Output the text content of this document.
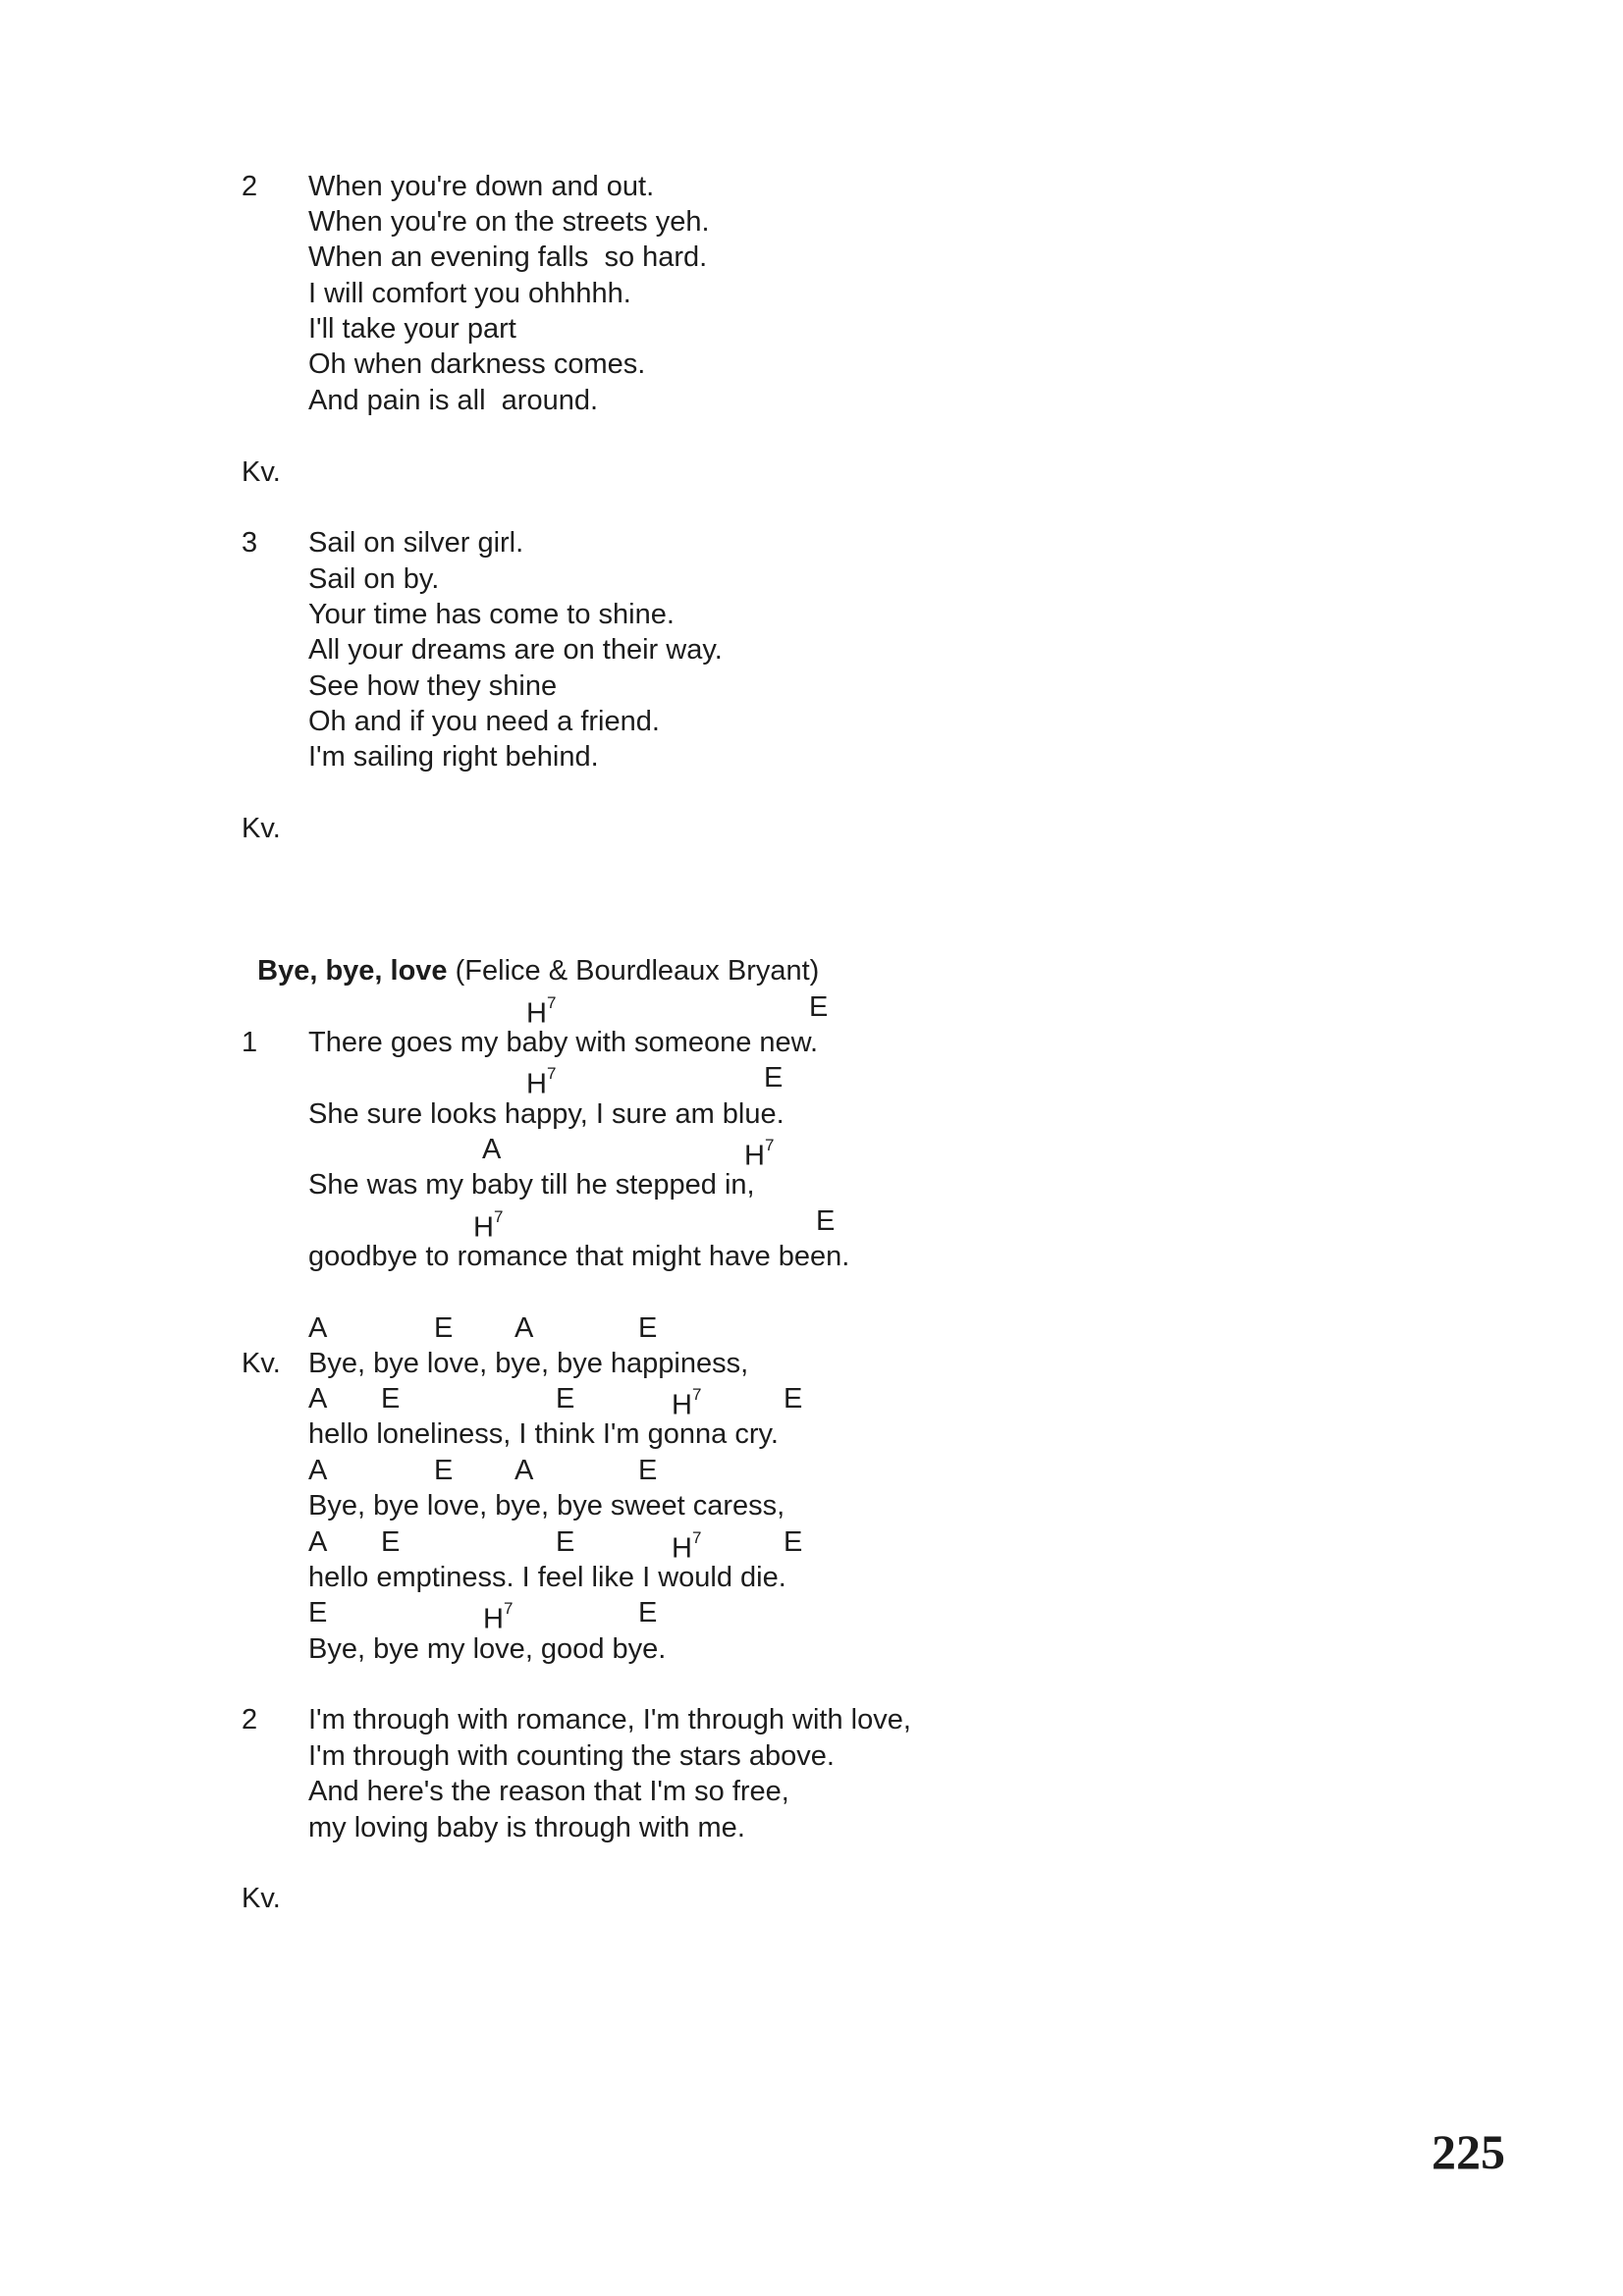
2 When you're down and out.
When you're on the streets yeh.
When an evening falls  so hard.
I will comfort you ohhhhh.
I'll take your part
Oh when darkness comes.
And pain is all  around.
Kv.
3 Sail on silver girl.
Sail on by.
Your time has come to shine.
All your dreams are on their way.
See how they shine
Oh and if you need a friend.
I'm sailing right behind.
Kv.

Bye, bye, love (Felice & Bourdleaux Bryant)

$H^7$	E
1 There goes my baby with someone new.
$H^7$	E
She sure looks happy, I sure am blue.
A	$H^7$
She was my baby till he stepped in,
$H^7$	E
goodbye to romance that might have been.
A	E A	E
Kv. Bye, bye love, bye, bye happiness,
A E	E	$H^7$	E
hello loneliness, I think I'm gonna cry.
A	E A	E
Bye, bye love, bye, bye sweet caress,
A E	E	$H^7$	E
hello emptiness. I feel like I would die.
E	$H^7$	E
Bye, bye my love, good bye.
2 I'm through with romance, I'm through with love,
I'm through with counting the stars above.
And here's the reason that I'm so free,
my loving baby is through with me.
Kv.
225
